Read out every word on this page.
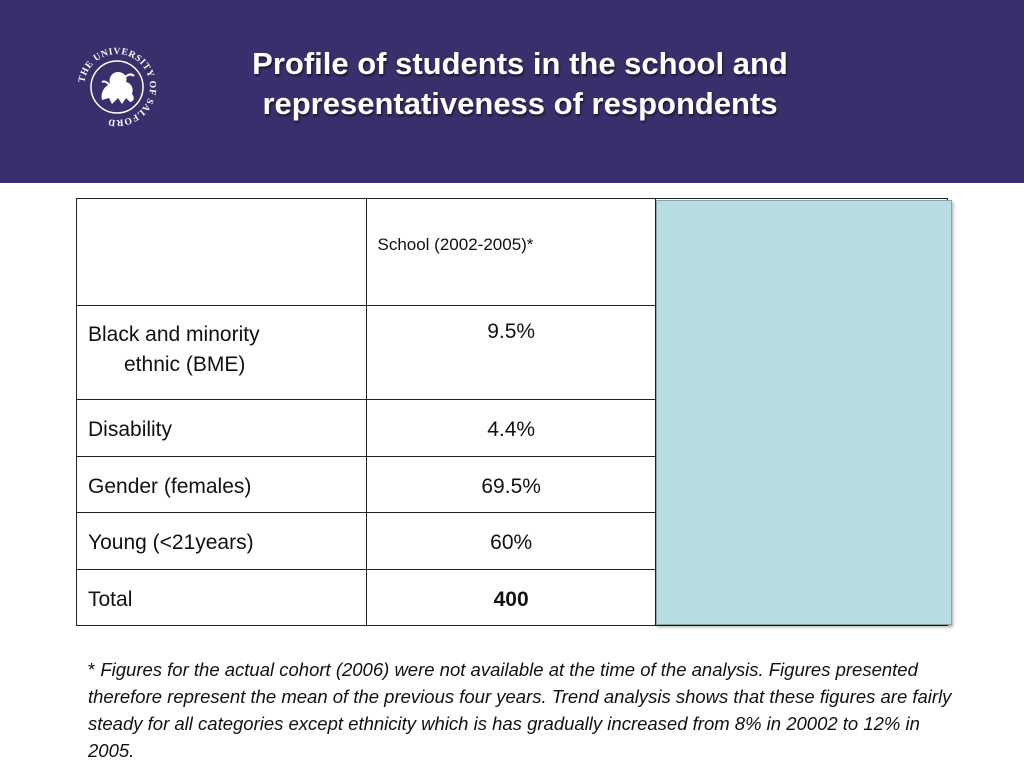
THE UNIVERSITY OF SALFORD
Profile of students in the school and
representativeness of respondents

	School (2002-2005)*	

Black and minority
ethnic (BME)	9.5%	

Disability	4.4%	

Gender (females)	69.5%	

Young (<21years)	60%	

Total	400	

* Figures for the actual cohort (2006) were not available at the time of the analysis. Figures presented therefore represent the mean of the previous four years. Trend analysis shows that these figures are fairly steady for all categories except ethnicity which is has gradually increased from 8% in 20002 to 12% in 2005.
